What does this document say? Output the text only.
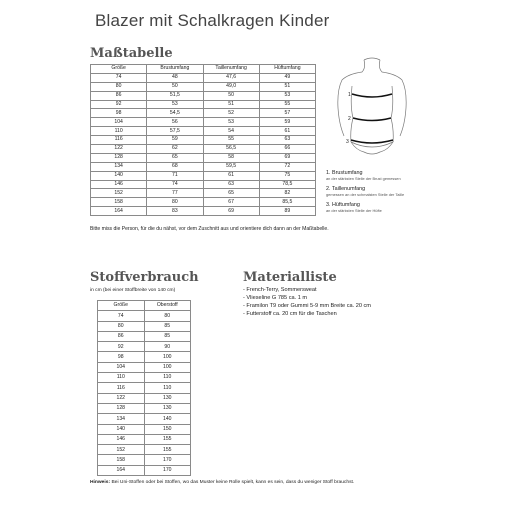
Blazer mit Schalkragen Kinder
Maßtabelle
Größe	Brustumfang	Taillenumfang	Hüftumfang
74	48	47,6	49
80	50	49,0	51
86	51,5	50	53
92	53	51	55
98	54,5	52	57
104	56	53	59
110	57,5	54	61
116	59	55	63
122	62	56,5	66
128	65	58	69
134	68	59,5	72
140	71	61	75
146	74	63	78,5
152	77	65	82
158	80	67	85,5
164	83	69	89
Bitte miss die Person, für die du nähst, vor dem Zuschnitt aus und orientiere dich dann an der Maßtabelle.
1
2
3
1. Brustumfang
an der stärksten Stelle der Brust gemessen
2. Taillenumfang
gemessen an der schmalsten Stelle der Taille
3. Hüftumfang
an der stärksten Stelle der Hüfte
Stoffverbrauch
in cm (bei einer Stoffbreite von 140 cm)
Größe	Oberstoff
74	80
80	85
86	85
92	90
98	100
104	100
110	110
116	110
122	130
128	130
134	140
140	150
146	155
152	155
158	170
164	170
Materialliste
- French-Terry, Sommersweat
- Vlieseline G 785 ca. 1 m
- Framilon T9 oder Gummi 5-9 mm Breite ca. 20 cm
- Futterstoff ca. 20 cm für die Taschen
Hinweis: Bei Uni-Stoffen oder bei Stoffen, wo das Muster keine Rolle spielt, kann es sein, dass du weniger Stoff brauchst.
